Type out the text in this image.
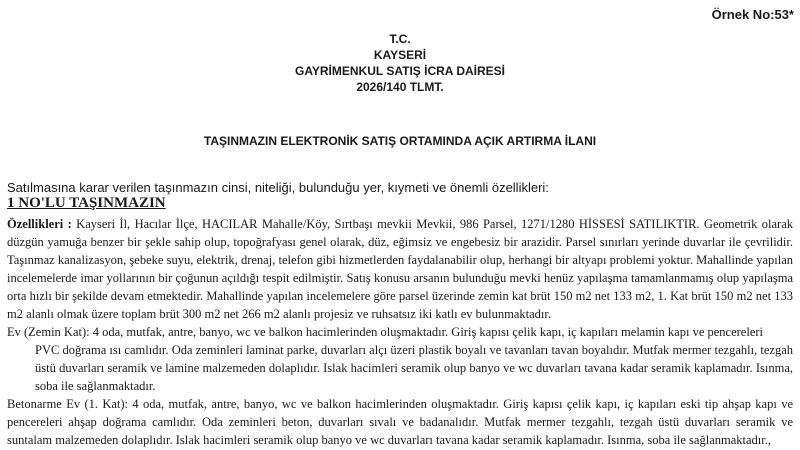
Örnek No:53*
T.C.
KAYSERİ
GAYRİMENKUL SATIŞ İCRA DAİRESİ
2026/140 TLMT.
TAŞINMAZIN ELEKTRONİK SATIŞ ORTAMINDA AÇIK ARTIRMA İLANI
Satılmasına karar verilen taşınmazın cinsi, niteliği, bulunduğu yer, kıymeti ve önemli özellikleri:
1 NO'LU TAŞINMAZIN

Özellikleri : Kayseri İl, Hacılar İlçe, HACILAR Mahalle/Köy, Sırtbaşı mevkii Mevkii, 986 Parsel, 1271/1280 HİSSESİ SATILIKTIR. Geometrik olarak düzgün yamuğa benzer bir şekle sahip olup, topoğrafyası genel olarak, düz, eğimsiz ve engebesiz bir arazidir. Parsel sınırları yerinde duvarlar ile çevrilidir. Taşınmaz kanalizasyon, şebeke suyu, elektrik, drenaj, telefon gibi hizmetlerden faydalanabilir olup, herhangi bir altyapı problemi yoktur. Mahallinde yapılan incelemelerde imar yollarının bir çoğunun açıldığı tespit edilmiştir. Satış konusu arsanın bulunduğu mevki henüz yapılaşma tamamlanmamış olup yapılaşma orta hızlı bir şekilde devam etmektedir. Mahallinde yapılan incelemelere göre parsel üzerinde zemin kat brüt 150 m2 net 133 m2, 1. Kat brüt 150 m2 net 133 m2 alanlı olmak üzere toplam brüt 300 m2 net 266 m2 alanlı projesiz ve ruhsatsız iki katlı ev bulunmaktadır.

Ev (Zemin Kat): 4 oda, mutfak, antre, banyo, wc ve balkon hacimlerinden oluşmaktadır. Giriş kapısı çelik kapı, iç kapıları melamin kapı ve pencereleri

PVC doğrama ısı camlıdır. Oda zeminleri laminat parke, duvarları alçı üzeri plastik boyalı ve tavanları tavan boyalıdır. Mutfak mermer tezgahlı, tezgah üstü duvarları seramik ve lamine malzemeden dolaplıdır. Islak hacimleri seramik olup banyo ve wc duvarları tavana kadar seramik kaplamadır. Isınma, soba ile sağlanmaktadır.

Betonarme Ev (1. Kat): 4 oda, mutfak, antre, banyo, wc ve balkon hacimlerinden oluşmaktadır. Giriş kapısı çelik kapı, iç kapıları eski tip ahşap kapı ve pencereleri ahşap doğrama camlıdır. Oda zeminleri beton, duvarları sıvalı ve badanalıdır. Mutfak mermer tezgahlı, tezgah üstü duvarları seramik ve suntalam malzemeden dolaplıdır. Islak hacimleri seramik olup banyo ve wc duvarları tavana kadar seramik kaplamadır. Isınma, soba ile sağlanmaktadır.,
